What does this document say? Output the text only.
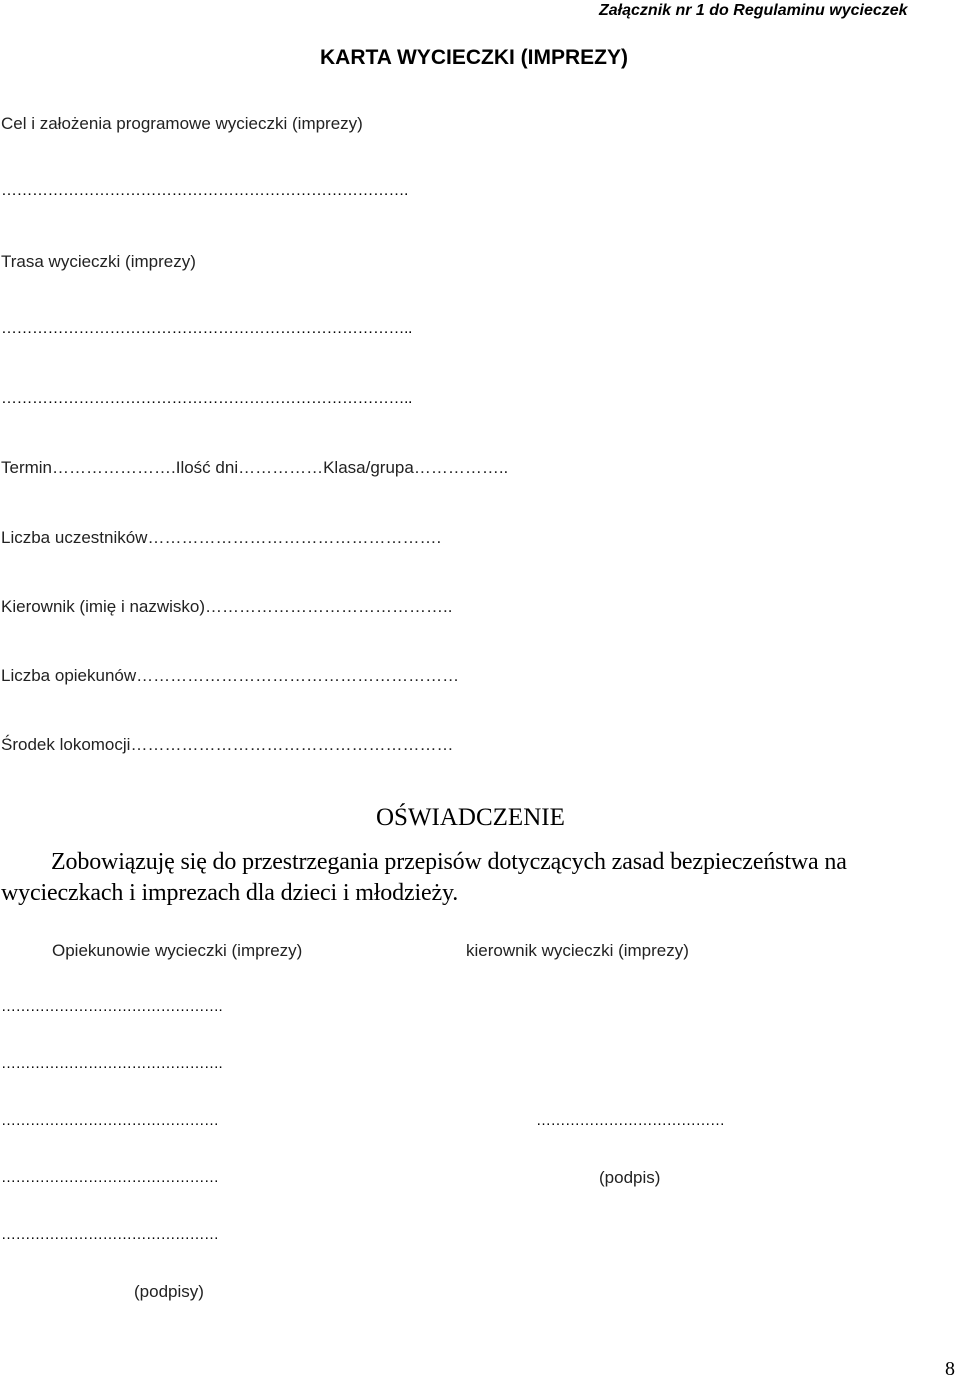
Załącznik nr 1 do Regulaminu wycieczek
KARTA WYCIECZKI (IMPREZY)
Cel i założenia programowe wycieczki (imprezy)
…………………………………………………………………….
Trasa wycieczki (imprezy)
……………………………………………………………………..
……………………………………………………………………..
Termin………………….Ilość dni……………Klasa/grupa……………..
Liczba uczestników…………………………………………….
Kierownik (imię i nazwisko)……………………………………..
Liczba opiekunów…………………………………………………
Środek lokomocji…………………………………………………
OŚWIADCZENIE
Zobowiązuję się do przestrzegania przepisów dotyczących zasad bezpieczeństwa na
wycieczkach i imprezach dla dzieci i młodzieży.
Opiekunowie wycieczki (imprezy)	kierownik wycieczki (imprezy)
……………………………………….
……………………………………….
………………………………………	…………………………………
………………………………………	(podpis)
………………………………………
(podpisy)
8
